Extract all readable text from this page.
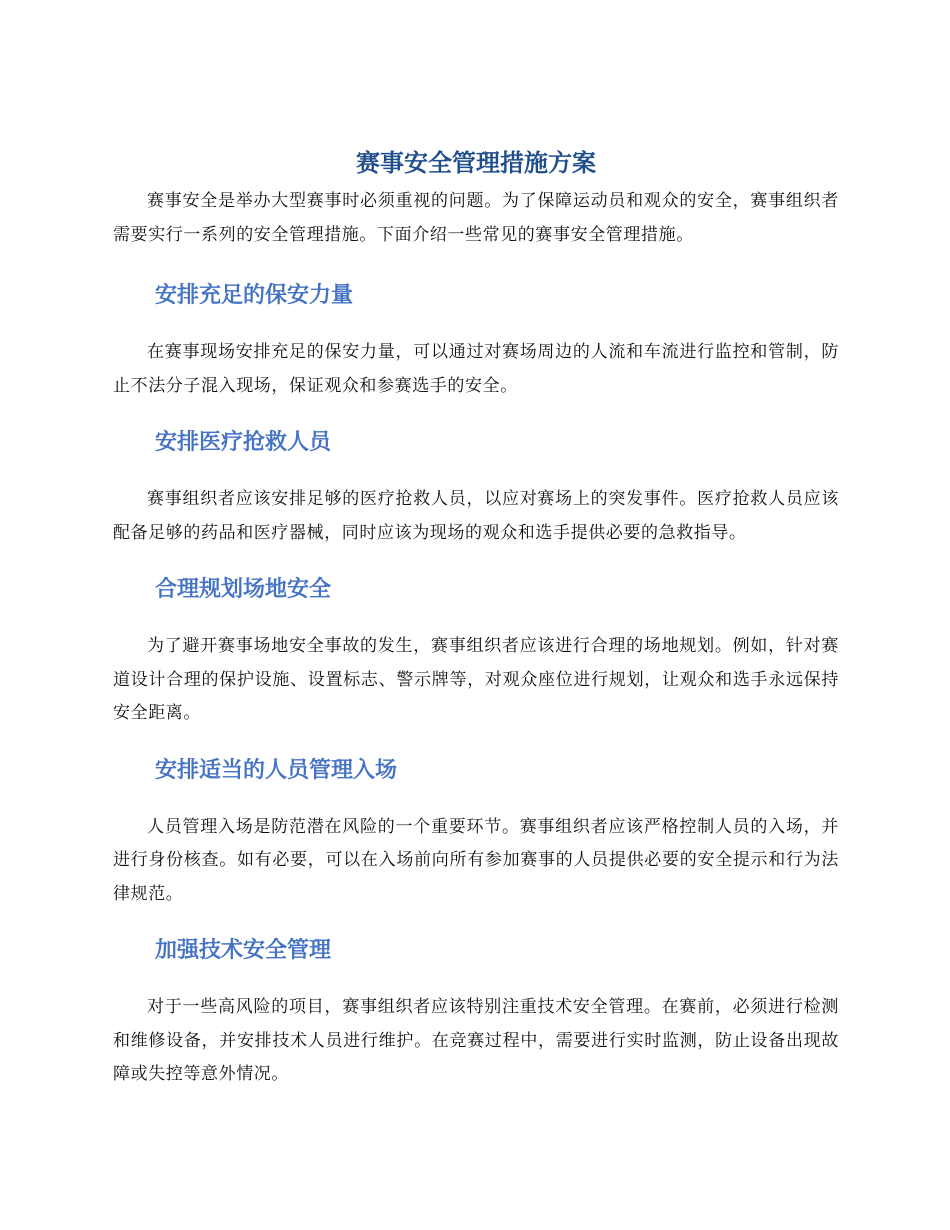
赛事安全管理措施方案

赛事安全是举办大型赛事时必须重视的问题。为了保障运动员和观众的安全，赛事组织者需要实行一系列的安全管理措施。下面介绍一些常见的赛事安全管理措施。

安排充足的保安力量

在赛事现场安排充足的保安力量，可以通过对赛场周边的人流和车流进行监控和管制，防止不法分子混入现场，保证观众和参赛选手的安全。

安排医疗抢救人员

赛事组织者应该安排足够的医疗抢救人员，以应对赛场上的突发事件。医疗抢救人员应该配备足够的药品和医疗器械，同时应该为现场的观众和选手提供必要的急救指导。

合理规划场地安全

为了避开赛事场地安全事故的发生，赛事组织者应该进行合理的场地规划。例如，针对赛道设计合理的保护设施、设置标志、警示牌等，对观众座位进行规划，让观众和选手永远保持安全距离。

安排适当的人员管理入场

人员管理入场是防范潜在风险的一个重要环节。赛事组织者应该严格控制人员的入场，并进行身份核查。如有必要，可以在入场前向所有参加赛事的人员提供必要的安全提示和行为法律规范。

加强技术安全管理

对于一些高风险的项目，赛事组织者应该特别注重技术安全管理。在赛前，必须进行检测和维修设备，并安排技术人员进行维护。在竞赛过程中，需要进行实时监测，防止设备出现故障或失控等意外情况。
